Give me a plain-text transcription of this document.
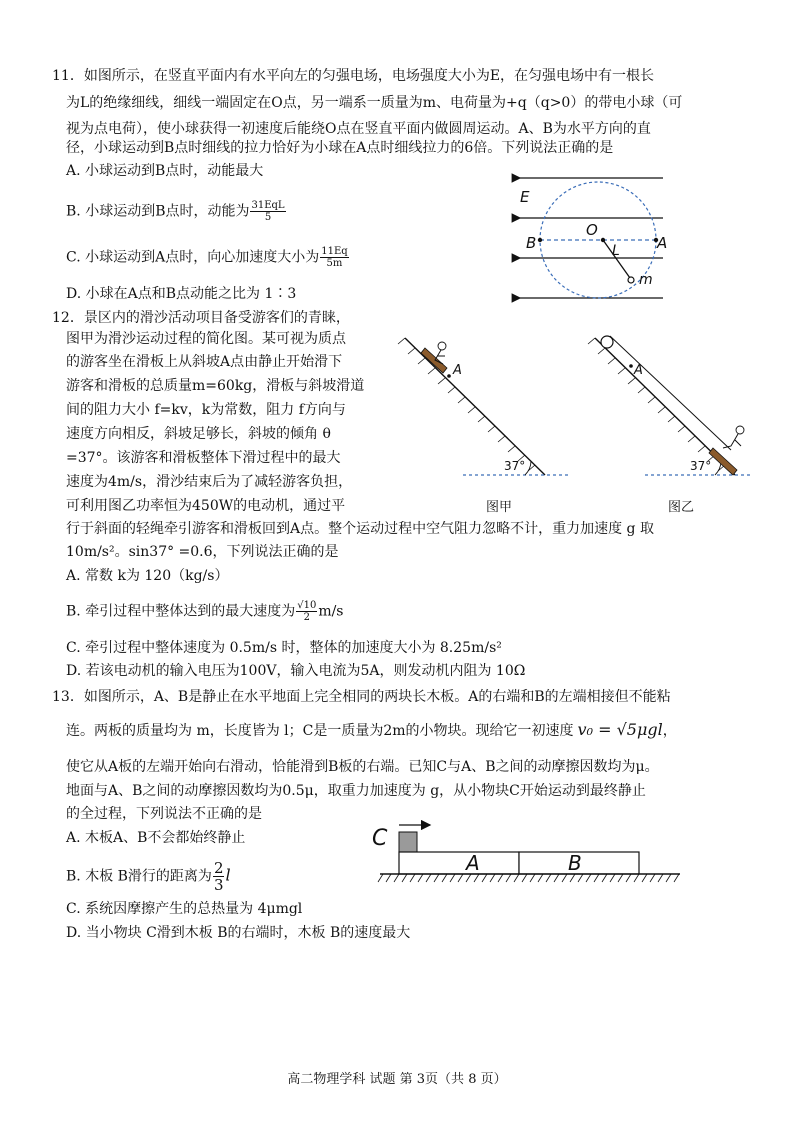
11．如图所示，在竖直平面内有水平向左的匀强电场，电场强度大小为E，在匀强电场中有一根长
为L的绝缘细线，细线一端固定在O点，另一端系一质量为m、电荷量为+q（q>0）的带电小球（可
视为点电荷），使小球获得一初速度后能绕O点在竖直平面内做圆周运动。A、B为水平方向的直
径，小球运动到B点时细线的拉力恰好为小球在A点时细线拉力的6倍。下列说法正确的是
A. 小球运动到B点时，动能最大
B. 小球运动到B点时，动能为 $\frac{\text{31EqL}}{5}$
C. 小球运动到A点时，向心加速度大小为 $\frac{11Eq}{5m}$
D. 小球在A点和B点动能之比为 1∶3
E
O
B	A
L
m
12．景区内的滑沙活动项目备受游客们的青睐，
图甲为滑沙运动过程的简化图。某可视为质点
的游客坐在滑板上从斜坡A点由静止开始滑下
游客和滑板的总质量m=60kg，滑板与斜坡滑道
间的阻力大小 f=kv，k为常数，阻力 f方向与
速度方向相反，斜坡足够长，斜坡的倾角 θ
=37°。该游客和滑板整体下滑过程中的最大
速度为4m/s，滑沙结束后为了减轻游客负担，
可利用图乙功率恒为450W的电动机，通过平
行于斜面的轻绳牵引游客和滑板回到A点。整个运动过程中空气阻力忽略不计，重力加速度 g 取
10m/s²。sin37° =0.6，下列说法正确的是
A. 常数 k为 120（kg/s）
B. 牵引过程中整体达到的最大速度为 $\frac{√10}{2} m/s$
C. 牵引过程中整体速度为 0.5m/s 时，整体的加速度大小为 8.25m/s²
D. 若该电动机的输入电压为100V，输入电流为5A，则发动机内阻为 10Ω
A
37°
图甲
A
37°
图乙
13．如图所示，A、B是静止在水平地面上完全相同的两块长木板。A的右端和B的左端相接但不能粘
连。两板的质量均为 m，长度皆为 l；C是一质量为2m的小物块。现给它一初速度 v₀ = √5μgl，
使它从A板的左端开始向右滑动，恰能滑到B板的右端。已知C与A、B之间的动摩擦因数均为μ。
地面与A、B之间的动摩擦因数均为0.5μ，取重力加速度为 g，从小物块C开始运动到最终静止
的全过程，下列说法不正确的是
A. 木板A、B不会都始终静止
B. 木板 B滑行的距离为 $\frac{2}{3}$ l
C. 系统因摩擦产生的总热量为 4μmgl
D. 当小物块 C滑到木板 B的右端时，木板 B的速度最大
C
A	B
高二物理学科 试题 第 3页（共 8 页）
